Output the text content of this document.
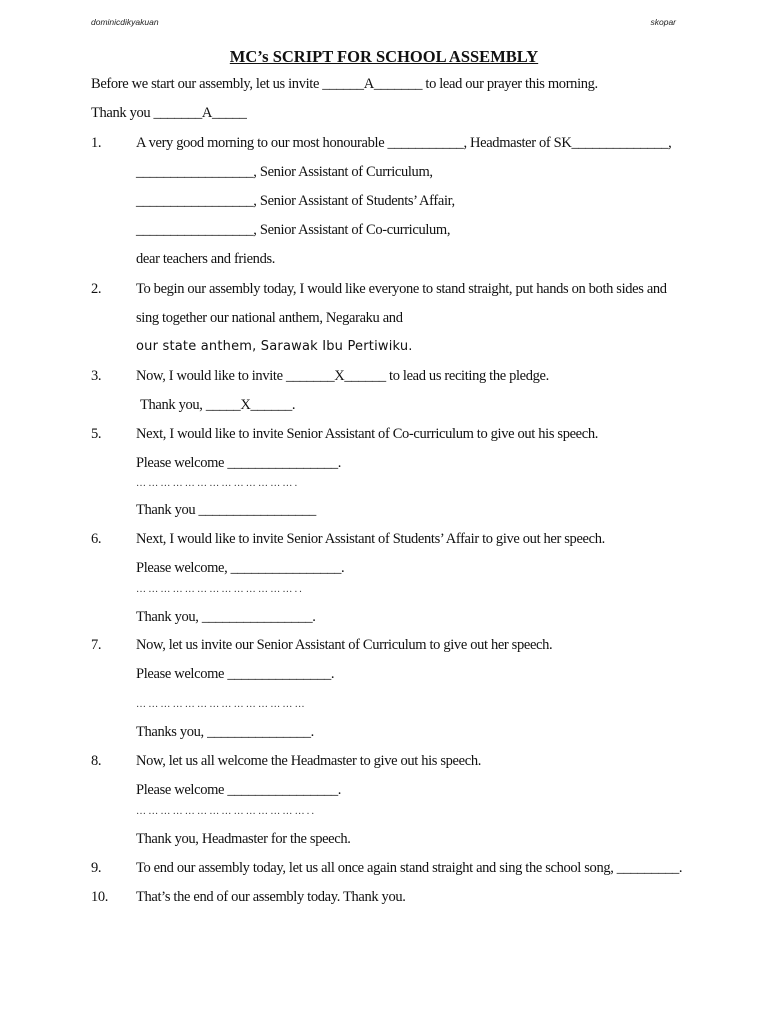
dominicdikyakuan	skopar
MC’s SCRIPT FOR SCHOOL ASSEMBLY
Before we start our assembly, let us invite ______A_______ to lead our prayer this morning.
Thank you _______A_____
1. A very good morning to our most honourable ___________, Headmaster of SK______________,
_________________, Senior Assistant of Curriculum,
_________________, Senior Assistant of Students’ Affair,
_________________, Senior Assistant of Co-curriculum,
dear teachers and friends.
2. To begin our assembly today, I would like everyone to stand straight, put hands on both sides and
sing together our national anthem, Negaraku and
our state anthem, Sarawak Ibu Pertiwiku.
3. Now, I would like to invite _______X______ to lead us reciting the pledge.
Thank you, _____X______.
5. Next, I would like to invite Senior Assistant of Co-curriculum to give out his speech.
Please welcome ________________.
………………………………….
Thank you _________________
6. Next, I would like to invite Senior Assistant of Students’ Affair to give out her speech.
Please welcome, ________________.
…………………………………..
Thank you, ________________.
7. Now, let us invite our Senior Assistant of Curriculum to give out her speech.
Please welcome _______________.
……………………………………
Thanks you, _______________.
8. Now, let us all welcome the Headmaster to give out his speech.
Please welcome ________________.
……………………………………..
Thank you, Headmaster for the speech.
9. To end our assembly today, let us all once again stand straight and sing the school song, _________.
10. That’s the end of our assembly today. Thank you.
